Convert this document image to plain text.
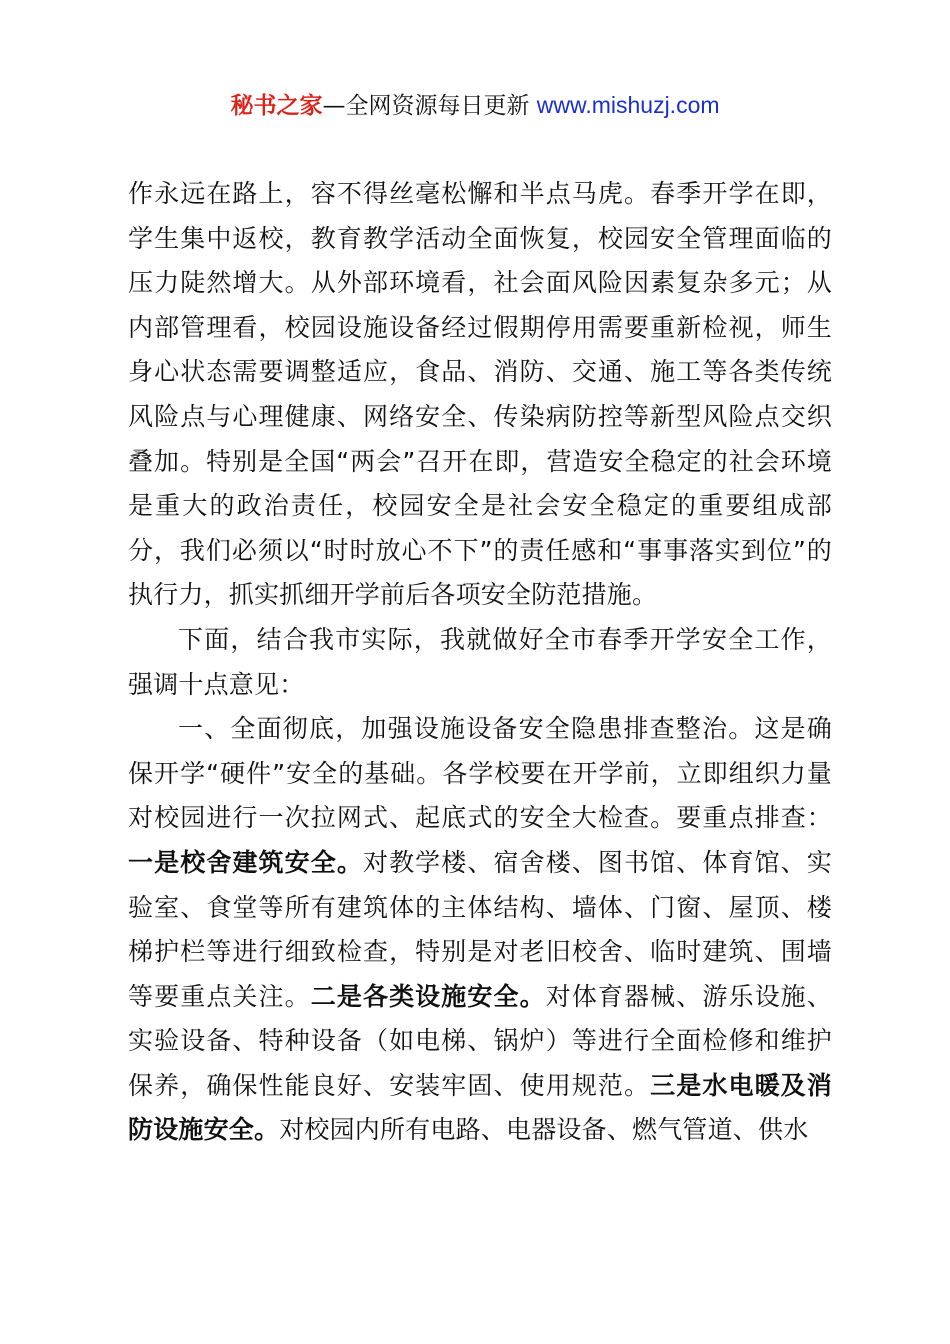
秘书之家—全网资源每日更新 www.mishuzj.com

作永远在路上，容不得丝毫松懈和半点马虎。春季开学在即，学生集中返校，教育教学活动全面恢复，校园安全管理面临的压力陡然增大。从外部环境看，社会面风险因素复杂多元；从内部管理看，校园设施设备经过假期停用需要重新检视，师生身心状态需要调整适应，食品、消防、交通、施工等各类传统风险点与心理健康、网络安全、传染病防控等新型风险点交织叠加。特别是全国“两会”召开在即，营造安全稳定的社会环境是重大的政治责任，校园安全是社会安全稳定的重要组成部分，我们必须以“时时放心不下”的责任感和“事事落实到位”的执行力，抓实抓细开学前后各项安全防范措施。

下面，结合我市实际，我就做好全市春季开学安全工作，强调十点意见：

一、全面彻底，加强设施设备安全隐患排查整治。这是确保开学“硬件”安全的基础。各学校要在开学前，立即组织力量对校园进行一次拉网式、起底式的安全大检查。要重点排查：一是校舍建筑安全。对教学楼、宿舍楼、图书馆、体育馆、实验室、食堂等所有建筑体的主体结构、墙体、门窗、屋顶、楼梯护栏等进行细致检查，特别是对老旧校舍、临时建筑、围墙等要重点关注。二是各类设施安全。对体育器械、游乐设施、实验设备、特种设备（如电梯、锅炉）等进行全面检修和维护保养，确保性能良好、安装牢固、使用规范。三是水电暖及消防设施安全。对校园内所有电路、电器设备、燃气管道、供水
